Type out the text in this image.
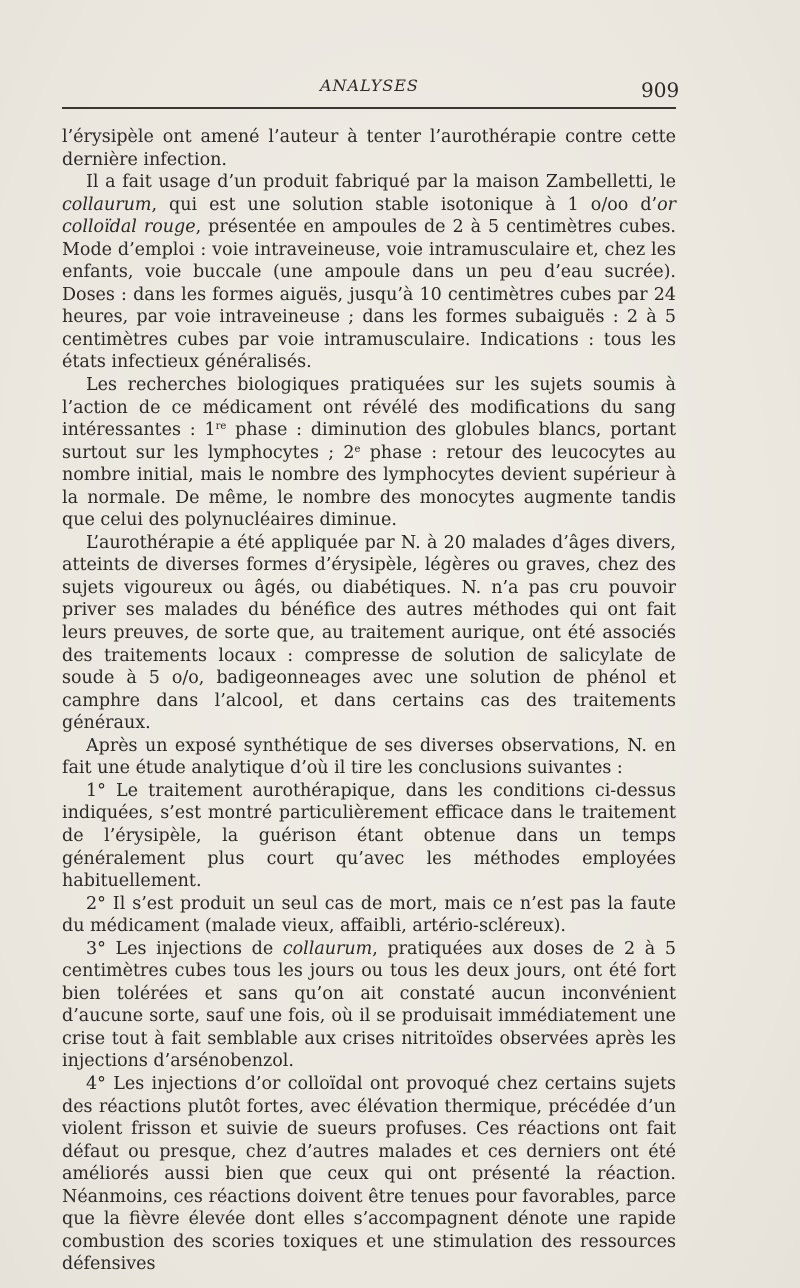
ANALYSES	909

l’érysipèle ont amené l’auteur à tenter l’aurothérapie contre cette dernière infection.

Il a fait usage d’un produit fabriqué par la maison Zambelletti, le collaurum, qui est une solution stable isotonique à 1 o/oo d’or colloïdal rouge, présentée en ampoules de 2 à 5 centimètres cubes. Mode d’emploi : voie intraveineuse, voie intramusculaire et, chez les enfants, voie buccale (une ampoule dans un peu d’eau sucrée). Doses : dans les formes aiguës, jusqu’à 10 centimètres cubes par 24 heures, par voie intraveineuse ; dans les formes subaiguës : 2 à 5 centimètres cubes par voie intramusculaire. Indications : tous les états infectieux généralisés.

Les recherches biologiques pratiquées sur les sujets soumis à l’action de ce médicament ont révélé des modifications du sang intéressantes : 1re phase : diminution des globules blancs, portant surtout sur les lymphocytes ; 2e phase : retour des leucocytes au nombre initial, mais le nombre des lymphocytes devient supérieur à la normale. De même, le nombre des monocytes augmente tandis que celui des polynucléaires diminue.

L’aurothérapie a été appliquée par N. à 20 malades d’âges divers, atteints de diverses formes d’érysipèle, légères ou graves, chez des sujets vigoureux ou âgés, ou diabétiques. N. n’a pas cru pouvoir priver ses malades du bénéfice des autres méthodes qui ont fait leurs preuves, de sorte que, au traitement aurique, ont été associés des traitements locaux : compresse de solution de salicylate de soude à 5 o/o, badigeonneages avec une solution de phénol et camphre dans l’alcool, et dans certains cas des traitements généraux.

Après un exposé synthétique de ses diverses observations, N. en fait une étude analytique d’où il tire les conclusions suivantes :

1° Le traitement aurothérapique, dans les conditions ci-dessus indiquées, s’est montré particulièrement efficace dans le traitement de l’érysipèle, la guérison étant obtenue dans un temps généralement plus court qu’avec les méthodes employées habituellement.

2° Il s’est produit un seul cas de mort, mais ce n’est pas la faute du médicament (malade vieux, affaibli, artério-scléreux).

3° Les injections de collaurum, pratiquées aux doses de 2 à 5 centimètres cubes tous les jours ou tous les deux jours, ont été fort bien tolérées et sans qu’on ait constaté aucun inconvénient d’aucune sorte, sauf une fois, où il se produisait immédiatement une crise tout à fait semblable aux crises nitritoïdes observées après les injections d’arsénobenzol.

4° Les injections d’or colloïdal ont provoqué chez certains sujets des réactions plutôt fortes, avec élévation thermique, précédée d’un violent frisson et suivie de sueurs profuses. Ces réactions ont fait défaut ou presque, chez d’autres malades et ces derniers ont été améliorés aussi bien que ceux qui ont présenté la réaction. Néanmoins, ces réactions doivent être tenues pour favorables, parce que la fièvre élevée dont elles s’accompagnent dénote une rapide combustion des scories toxiques et une stimulation des ressources défensives
